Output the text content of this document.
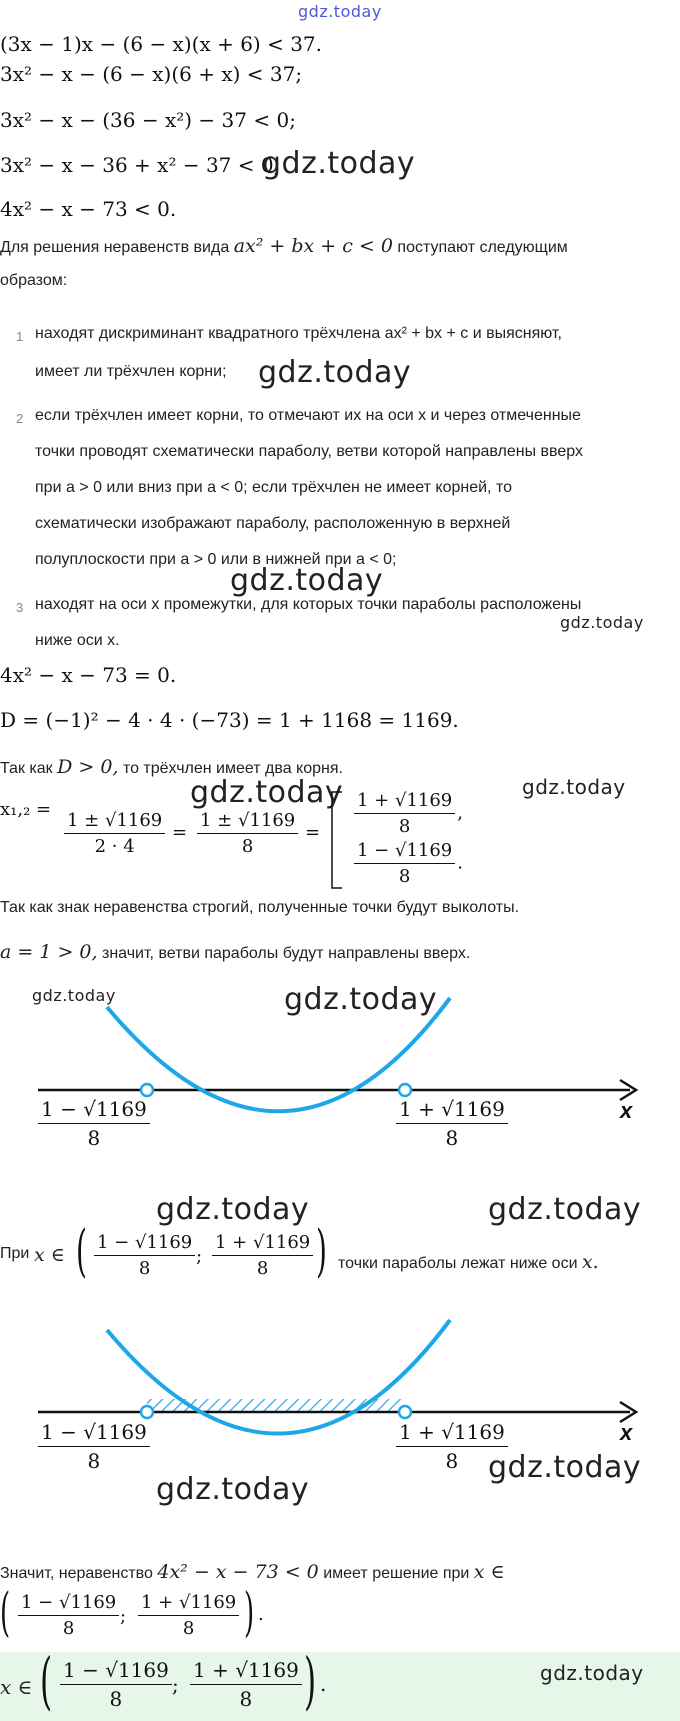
gdz.today
(3x − 1)x − (6 − x)(x + 6) < 37.
3x² − x − (6 − x)(6 + x) < 37;
3x² − x − (36 − x²) − 37 < 0;
3x² − x − 36 + x² − 37 < 0;
gdz.today
4x² − x − 73 < 0.
Для решения неравенств вида ax² + bx + c < 0 поступают следующим
образом:
1 находят дискриминант квадратного трёхчлена ax² + bx + c и выясняют,
имеет ли трёхчлен корни; gdz.today
2 если трёхчлен имеет корни, то отмечают их на оси x и через отмеченные
точки проводят схематически параболу, ветви которой направлены вверх
при a > 0 или вниз при a < 0; если трёхчлен не имеет корней, то
схематически изображают параболу, расположенную в верхней
полуплоскости при a > 0 или в нижней при a < 0;
gdz.today
3 находят на оси x промежутки, для которых точки параболы расположены
ниже оси x.
gdz.today
4x² − x − 73 = 0.
D = (−1)² − 4 · 4 · (−73) = 1 + 1168 = 1169.
Так как D > 0, то трёхчлен имеет два корня.
gdz.today	gdz.today
x₁,₂ =
$\frac{1 \pm √1169}{2 \cdot 4} = \frac{1 \pm √1169}{8} = \frac{1 + √1169}{8}$ ,
$\frac{1 - √1169}{8}$ .
Так как знак неравенства строгий, полученные точки будут выколоты.
a = 1 > 0, значит, ветви параболы будут направлены вверх.
gdz.today	gdz.today
x
$\frac{1 - √1169}{8}$	$\frac{1 + √1169}{8}$
gdz.today	gdz.today
При x ∈ ( $\frac{1 - √1169}{8}$ ; $\frac{1 + √1169}{8}$ ) точки параболы лежат ниже оси x.
x
$\frac{1 - √1169}{8}$	$\frac{1 + √1169}{8}$
gdz.today
gdz.today
Значит, неравенство 4x² − x − 73 < 0 имеет решение при x ∈
( $\frac{1 - √1169}{8}$ ; $\frac{1 + √1169}{8}$ ) .
x ∈ ( $\frac{1 - √1169}{8}$ ; $\frac{1 + √1169}{8}$ ) .	gdz.today
